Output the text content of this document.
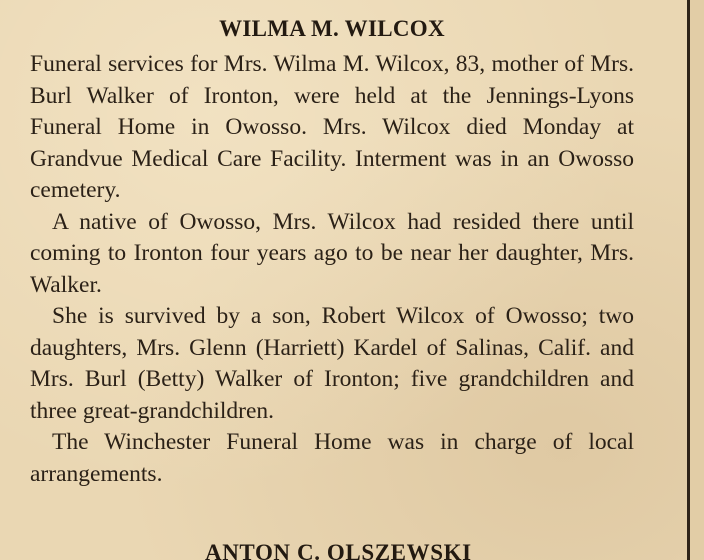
WILMA M. WILCOX

Funeral services for Mrs. Wilma M. Wilcox, 83, mother of Mrs. Burl Walker of Ironton, were held at the Jennings-Lyons Funeral Home in Owosso. Mrs. Wilcox died Monday at Grandvue Medical Care Facility. Interment was in an Owosso cemetery.

A native of Owosso, Mrs. Wilcox had resided there until coming to Ironton four years ago to be near her daughter, Mrs. Walker.

She is survived by a son, Robert Wilcox of Owosso; two daughters, Mrs. Glenn (Harriett) Kardel of Salinas, Calif. and Mrs. Burl (Betty) Walker of Ironton; five grandchildren and three great-grandchildren.

The Winchester Funeral Home was in charge of local arrangements.

ANTON C. OLSZEWSKI
